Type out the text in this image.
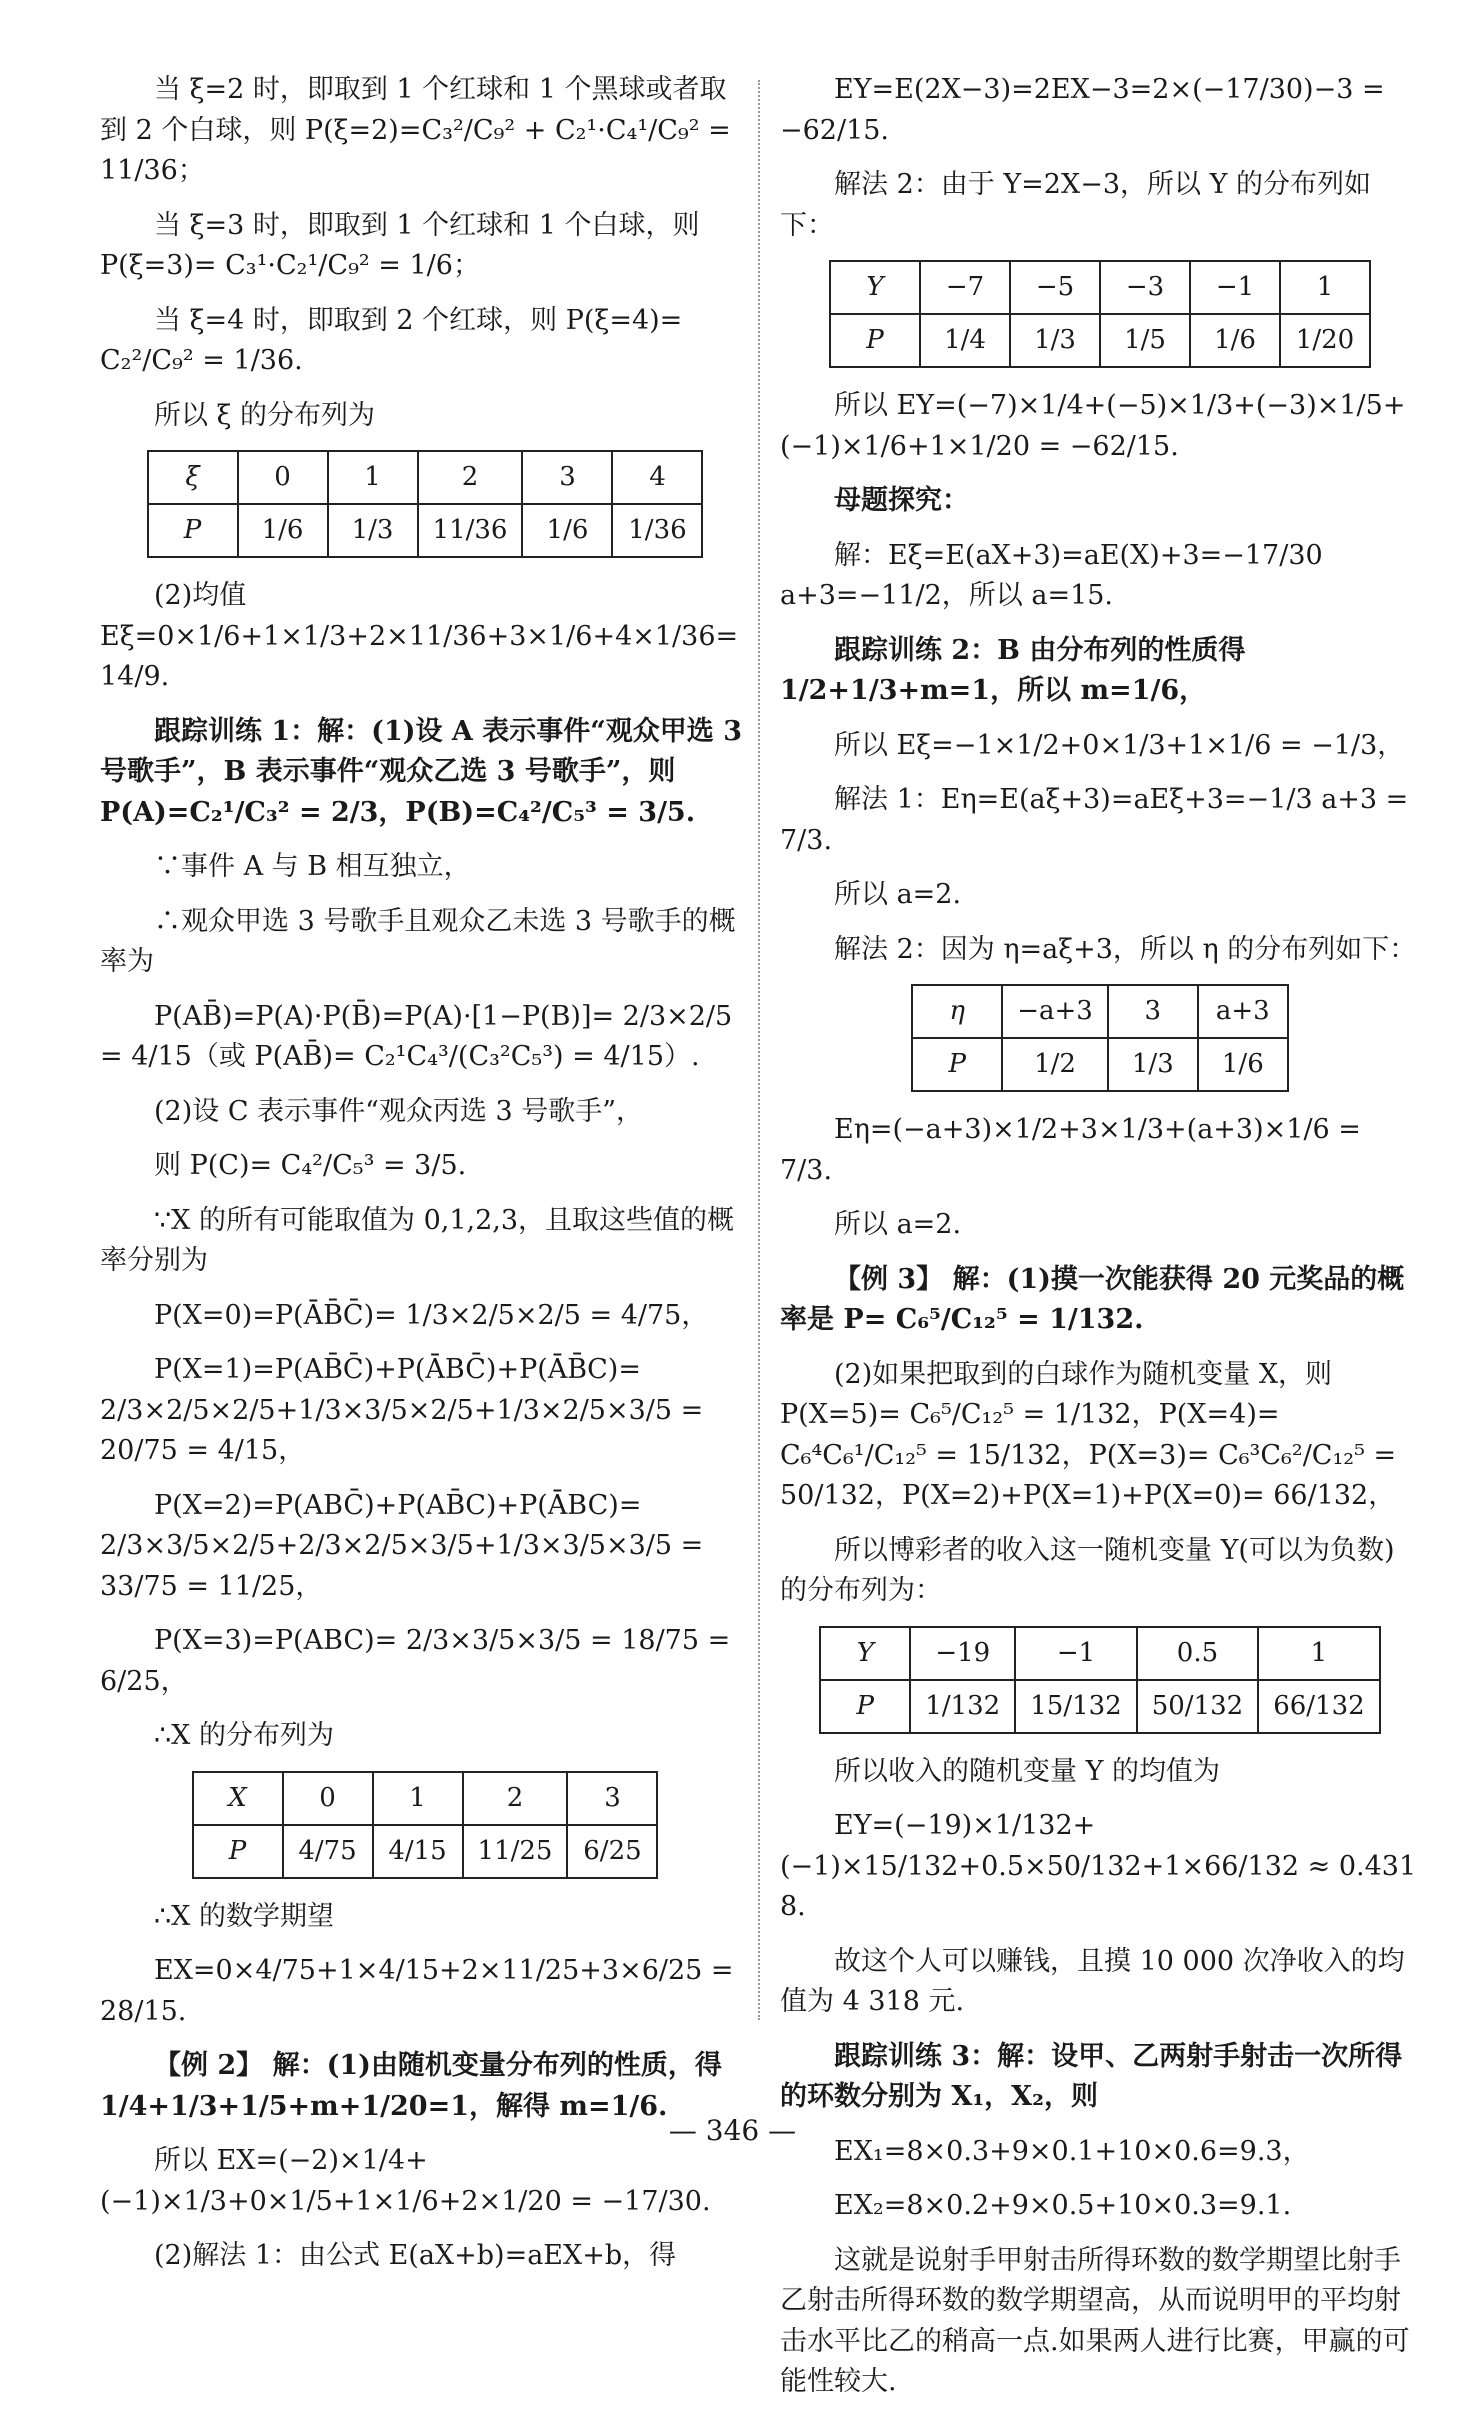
当 ξ=2 时，即取到 1 个红球和 1 个黑球或者取到 2 个白球，则 P(ξ=2)=C₃²/C₉² + C₂¹·C₄¹/C₉² = 11/36；

当 ξ=3 时，即取到 1 个红球和 1 个白球，则 P(ξ=3)= C₃¹·C₂¹/C₉² = 1/6；

当 ξ=4 时，即取到 2 个红球，则 P(ξ=4)= C₂²/C₉² = 1/36.

所以 ξ 的分布列为

ξ	0	1	2	3	4
P	1/6	1/3	11/36	1/6	1/36

(2)均值 Eξ=0×1/6+1×1/3+2×11/36+3×1/6+4×1/36= 14/9.

跟踪训练 1：解：(1)设 A 表示事件“观众甲选 3 号歌手”，B 表示事件“观众乙选 3 号歌手”，则 P(A)=C₂¹/C₃² = 2/3，P(B)=C₄²/C₅³ = 3/5.

∵事件 A 与 B 相互独立，

∴观众甲选 3 号歌手且观众乙未选 3 号歌手的概率为

P(AB̄)=P(A)·P(B̄)=P(A)·[1−P(B)]= 2/3×2/5 = 4/15（或 P(AB̄)= C₂¹C₄³/(C₃²C₅³) = 4/15）.

(2)设 C 表示事件“观众丙选 3 号歌手”，

则 P(C)= C₄²/C₅³ = 3/5.

∵X 的所有可能取值为 0,1,2,3，且取这些值的概率分别为

P(X=0)=P(ĀB̄C̄)= 1/3×2/5×2/5 = 4/75，

P(X=1)=P(AB̄C̄)+P(ĀBC̄)+P(ĀB̄C)= 2/3×2/5×2/5+1/3×3/5×2/5+1/3×2/5×3/5 = 20/75 = 4/15，

P(X=2)=P(ABC̄)+P(AB̄C)+P(ĀBC)= 2/3×3/5×2/5+2/3×2/5×3/5+1/3×3/5×3/5 = 33/75 = 11/25，

P(X=3)=P(ABC)= 2/3×3/5×3/5 = 18/75 = 6/25，

∴X 的分布列为

X	0	1	2	3
P	4/75	4/15	11/25	6/25

∴X 的数学期望

EX=0×4/75+1×4/15+2×11/25+3×6/25 = 28/15.

【例 2】 解：(1)由随机变量分布列的性质，得 1/4+1/3+1/5+m+1/20=1，解得 m=1/6.

所以 EX=(−2)×1/4+(−1)×1/3+0×1/5+1×1/6+2×1/20 = −17/30.

(2)解法 1：由公式 E(aX+b)=aEX+b，得

EY=E(2X−3)=2EX−3=2×(−17/30)−3 = −62/15.

解法 2：由于 Y=2X−3，所以 Y 的分布列如下：

Y	−7	−5	−3	−1	1
P	1/4	1/3	1/5	1/6	1/20

所以 EY=(−7)×1/4+(−5)×1/3+(−3)×1/5+(−1)×1/6+1×1/20 = −62/15.

母题探究：

解：Eξ=E(aX+3)=aE(X)+3=−17/30 a+3=−11/2，所以 a=15.

跟踪训练 2：B 由分布列的性质得 1/2+1/3+m=1，所以 m=1/6，

所以 Eξ=−1×1/2+0×1/3+1×1/6 = −1/3，

解法 1：Eη=E(aξ+3)=aEξ+3=−1/3 a+3 = 7/3.

所以 a=2.

解法 2：因为 η=aξ+3，所以 η 的分布列如下：

η	−a+3	3	a+3
P	1/2	1/3	1/6

Eη=(−a+3)×1/2+3×1/3+(a+3)×1/6 = 7/3.

所以 a=2.

【例 3】 解：(1)摸一次能获得 20 元奖品的概率是 P= C₆⁵/C₁₂⁵ = 1/132.

(2)如果把取到的白球作为随机变量 X，则 P(X=5)= C₆⁵/C₁₂⁵ = 1/132，P(X=4)= C₆⁴C₆¹/C₁₂⁵ = 15/132，P(X=3)= C₆³C₆²/C₁₂⁵ = 50/132，P(X=2)+P(X=1)+P(X=0)= 66/132，

所以博彩者的收入这一随机变量 Y(可以为负数)的分布列为：

Y	−19	−1	0.5	1
P	1/132	15/132	50/132	66/132

所以收入的随机变量 Y 的均值为

EY=(−19)×1/132+(−1)×15/132+0.5×50/132+1×66/132 ≈ 0.431 8.

故这个人可以赚钱，且摸 10 000 次净收入的均值为 4 318 元.

跟踪训练 3：解：设甲、乙两射手射击一次所得的环数分别为 X₁，X₂，则

EX₁=8×0.3+9×0.1+10×0.6=9.3，

EX₂=8×0.2+9×0.5+10×0.3=9.1.

这就是说射手甲射击所得环数的数学期望比射手乙射击所得环数的数学期望高，从而说明甲的平均射击水平比乙的稍高一点.如果两人进行比赛，甲赢的可能性较大.

— 346 —
